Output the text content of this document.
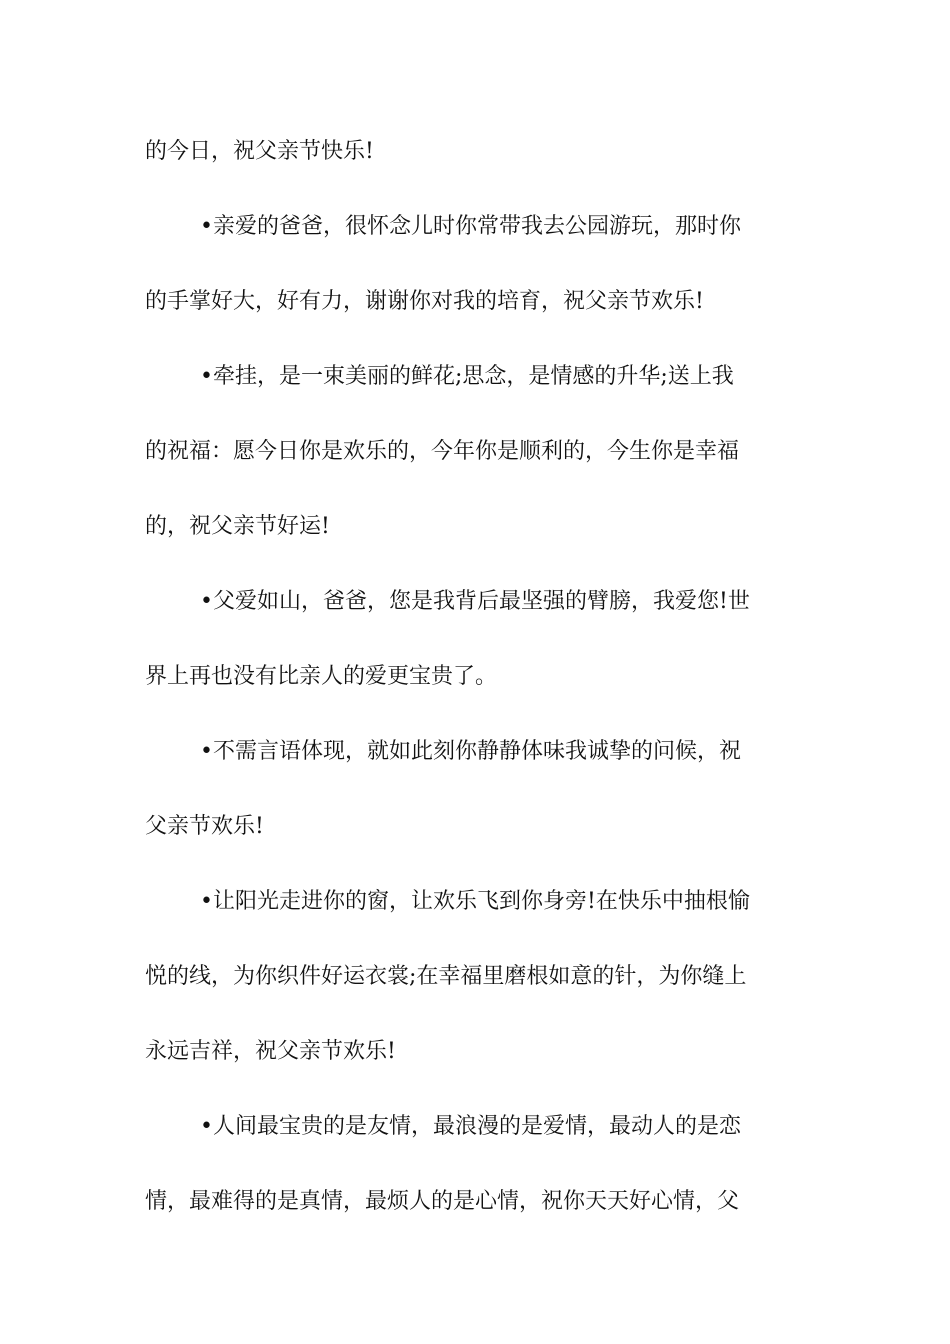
的今日，祝父亲节快乐!
•亲爱的爸爸，很怀念儿时你常带我去公园游玩，那时你
的手掌好大，好有力，谢谢你对我的培育，祝父亲节欢乐!
•牵挂，是一束美丽的鲜花;思念，是情感的升华;送上我
的祝福：愿今日你是欢乐的，今年你是顺利的，今生你是幸福
的，祝父亲节好运!
•父爱如山，爸爸，您是我背后最坚强的臂膀，我爱您!世
界上再也没有比亲人的爱更宝贵了。
•不需言语体现，就如此刻你静静体味我诚挚的问候，祝
父亲节欢乐!
•让阳光走进你的窗，让欢乐飞到你身旁!在快乐中抽根愉
悦的线，为你织件好运衣裳;在幸福里磨根如意的针，为你缝上
永远吉祥，祝父亲节欢乐!
•人间最宝贵的是友情，最浪漫的是爱情，最动人的是恋
情，最难得的是真情，最烦人的是心情，祝你天天好心情，父
